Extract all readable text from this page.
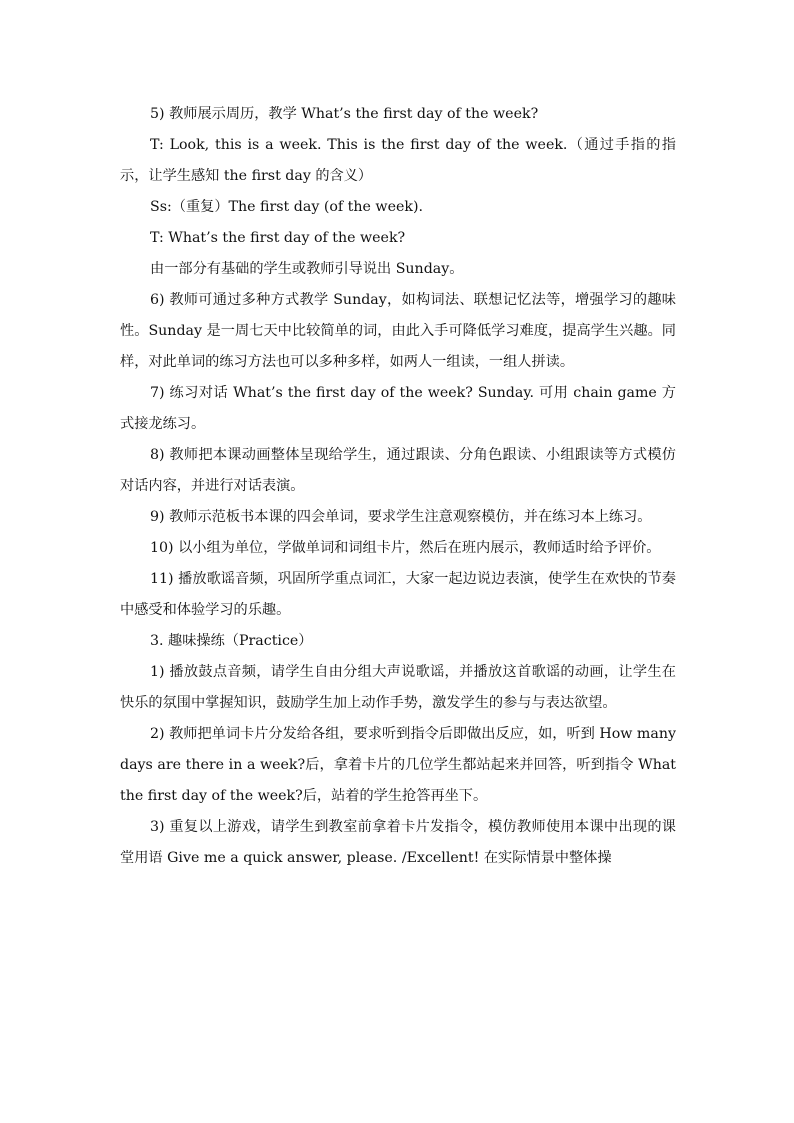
5) 教师展示周历，教学 What’s the first day of the week?

T: Look, this is a week. This is the first day of the week.（通过手指的指示，让学生感知 the first day 的含义）

Ss:（重复）The first day (of the week).

T: What’s the first day of the week?

由一部分有基础的学生或教师引导说出 Sunday。

6) 教师可通过多种方式教学 Sunday，如构词法、联想记忆法等，增强学习的趣味性。Sunday 是一周七天中比较简单的词，由此入手可降低学习难度，提高学生兴趣。同样，对此单词的练习方法也可以多种多样，如两人一组读，一组人拼读。

7) 练习对话 What’s the first day of the week? Sunday. 可用 chain game 方式接龙练习。

8) 教师把本课动画整体呈现给学生，通过跟读、分角色跟读、小组跟读等方式模仿对话内容，并进行对话表演。

9) 教师示范板书本课的四会单词，要求学生注意观察模仿，并在练习本上练习。

10) 以小组为单位，学做单词和词组卡片，然后在班内展示，教师适时给予评价。

11) 播放歌谣音频，巩固所学重点词汇，大家一起边说边表演，使学生在欢快的节奏中感受和体验学习的乐趣。

3. 趣味操练（Practice）

1) 播放鼓点音频，请学生自由分组大声说歌谣，并播放这首歌谣的动画，让学生在快乐的氛围中掌握知识，鼓励学生加上动作手势，激发学生的参与与表达欲望。

2) 教师把单词卡片分发给各组，要求听到指令后即做出反应，如，听到 How many days are there in a week?后，拿着卡片的几位学生都站起来并回答，听到指令 What the first day of the week?后，站着的学生抢答再坐下。

3) 重复以上游戏，请学生到教室前拿着卡片发指令，模仿教师使用本课中出现的课堂用语 Give me a quick answer, please. /Excellent! 在实际情景中整体操
